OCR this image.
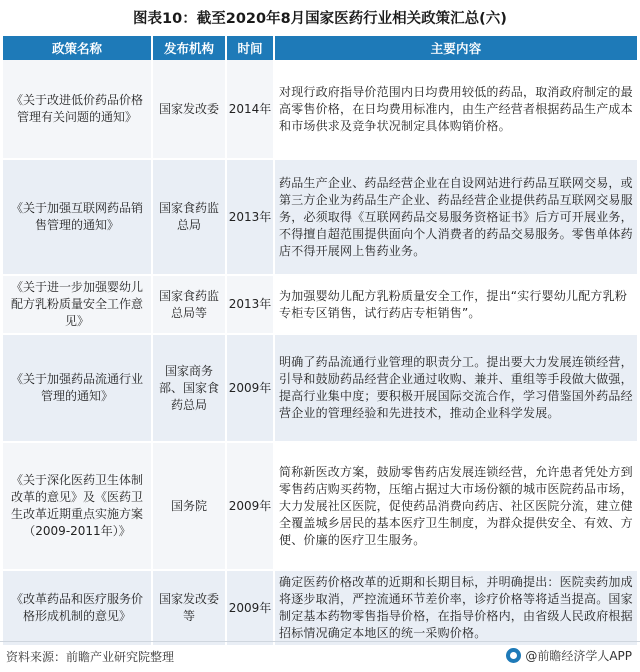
图表10：截至2020年8月国家医药行业相关政策汇总(六)
政策名称	发布机构	时间	主要内容
《关于改进低价药品价格管理有关问题的通知》	国家发改委	2014年	对现行政府指导价范围内日均费用较低的药品，取消政府制定的最高零售价格，在日均费用标准内，由生产经营者根据药品生产成本和市场供求及竞争状况制定具体购销价格。
《关于加强互联网药品销售管理的通知》	国家食药监总局	2013年	药品生产企业、药品经营企业在自设网站进行药品互联网交易，或第三方企业为药品生产企业、药品经营企业提供药品互联网交易服务，必须取得《互联网药品交易服务资格证书》后方可开展业务，不得擅自超范围提供面向个人消费者的药品交易服务。零售单体药店不得开展网上售药业务。
《关于进一步加强婴幼儿配方乳粉质量安全工作意见》	国家食药监总局等	2013年	为加强婴幼儿配方乳粉质量安全工作，提出“实行婴幼儿配方乳粉专柜专区销售，试行药店专柜销售”。
《关于加强药品流通行业管理的通知》	国家商务部、国家食药总局	2009年	明确了药品流通行业管理的职责分工。提出要大力发展连锁经营，引导和鼓励药品经营企业通过收购、兼并、重组等手段做大做强，提高行业集中度；要积极开展国际交流合作，学习借鉴国外药品经营企业的管理经验和先进技术，推动企业科学发展。
《关于深化医药卫生体制改革的意见》及《医药卫生改革近期重点实施方案（2009-2011年）》	国务院	2009年	简称新医改方案，鼓励零售药店发展连锁经营，允许患者凭处方到零售药店购买药物，压缩占据过大市场份额的城市医院药品市场，大力发展社区医院，促使药品消费向药店、社区医院分流，建立健全覆盖城乡居民的基本医疗卫生制度，为群众提供安全、有效、方便、价廉的医疗卫生服务。
《改革药品和医疗服务价格形成机制的意见》	国家发改委等	2009年	确定医药价格改革的近期和长期目标，并明确提出：医院卖药加成将逐步取消，严控流通环节差价率，诊疗价格等将适当提高。国家制定基本药物零售指导价格，在指导价格内，由省级人民政府根据招标情况确定本地区的统一采购价格。
资料来源：前瞻产业研究院整理	@前瞻经济学人APP
